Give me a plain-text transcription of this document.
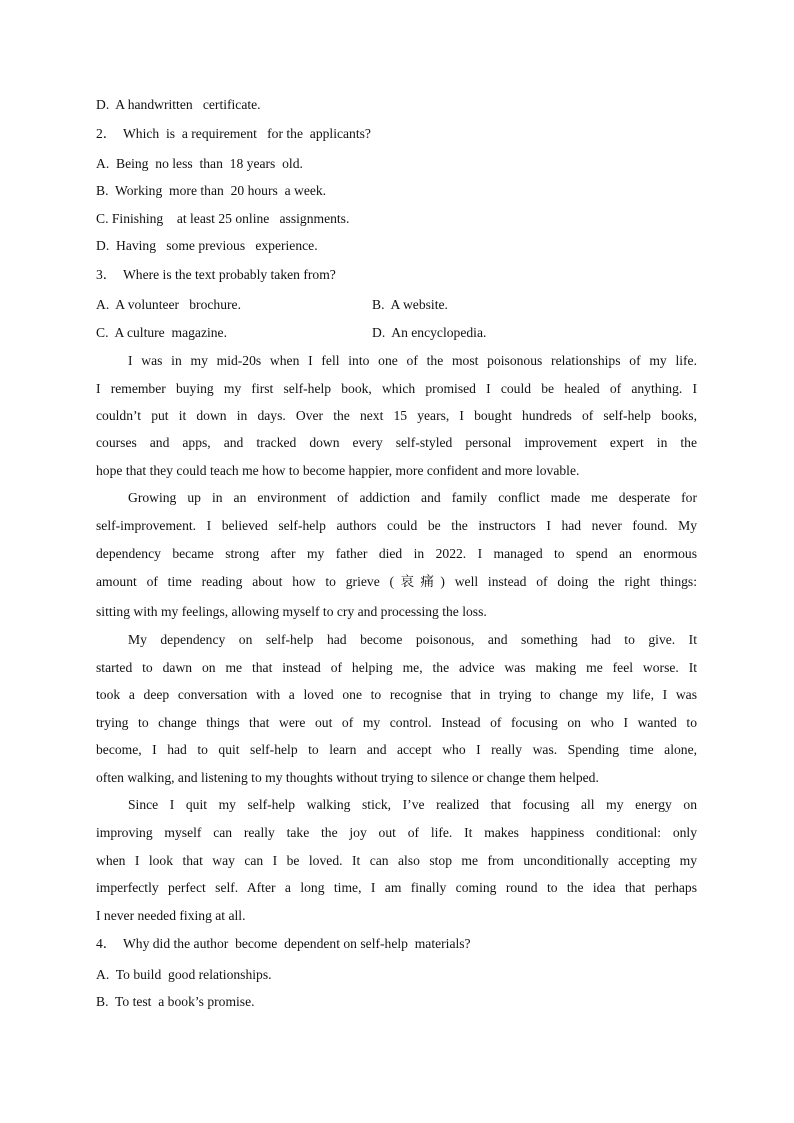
D.  A handwritten   certificate.
2．  Which  is  a requirement   for the  applicants?
A.  Being  no less  than  18 years  old.
B.  Working  more than  20 hours  a week.
C. Finishing    at least 25 online   assignments.
D.  Having   some previous   experience.
3．  Where is the text probably taken from?
A.  A volunteer   brochure.	B.  A website.
C.  A culture  magazine.	D.  An encyclopedia.
I was in my mid-20s when I fell into one of the most poisonous relationships of my life.
I remember buying my first self-help book, which promised I could be healed of anything. I
couldn’t put it down in days. Over the next 15 years, I bought hundreds of self-help books,
courses and apps, and tracked down every self-styled personal improvement expert in the
hope that they could teach me how to become happier, more confident and more lovable.
Growing up in an environment of addiction and family conflict made me desperate for
self-improvement. I believed self-help authors could be the instructors I had never found. My
dependency became strong after my father died in 2022. I managed to spend an enormous
amount of time reading about how to grieve (哀痛) well instead of doing the right things:
sitting with my feelings, allowing myself to cry and processing the loss.
My dependency on self-help had become poisonous, and something had to give. It
started to dawn on me that instead of helping me, the advice was making me feel worse. It
took a deep conversation with a loved one to recognise that in trying to change my life, I was
trying to change things that were out of my control. Instead of focusing on who I wanted to
become, I had to quit self-help to learn and accept who I really was. Spending time alone,
often walking, and listening to my thoughts without trying to silence or change them helped.
Since I quit my self-help walking stick, I’ve realized that focusing all my energy on
improving myself can really take the joy out of life. It makes happiness conditional: only
when I look that way can I be loved. It can also stop me from unconditionally accepting my
imperfectly perfect self. After a long time, I am finally coming round to the idea that perhaps
I never needed fixing at all.
4．  Why did the author  become  dependent on self-help  materials?
A.  To build  good relationships.
B.  To test  a book’s promise.
